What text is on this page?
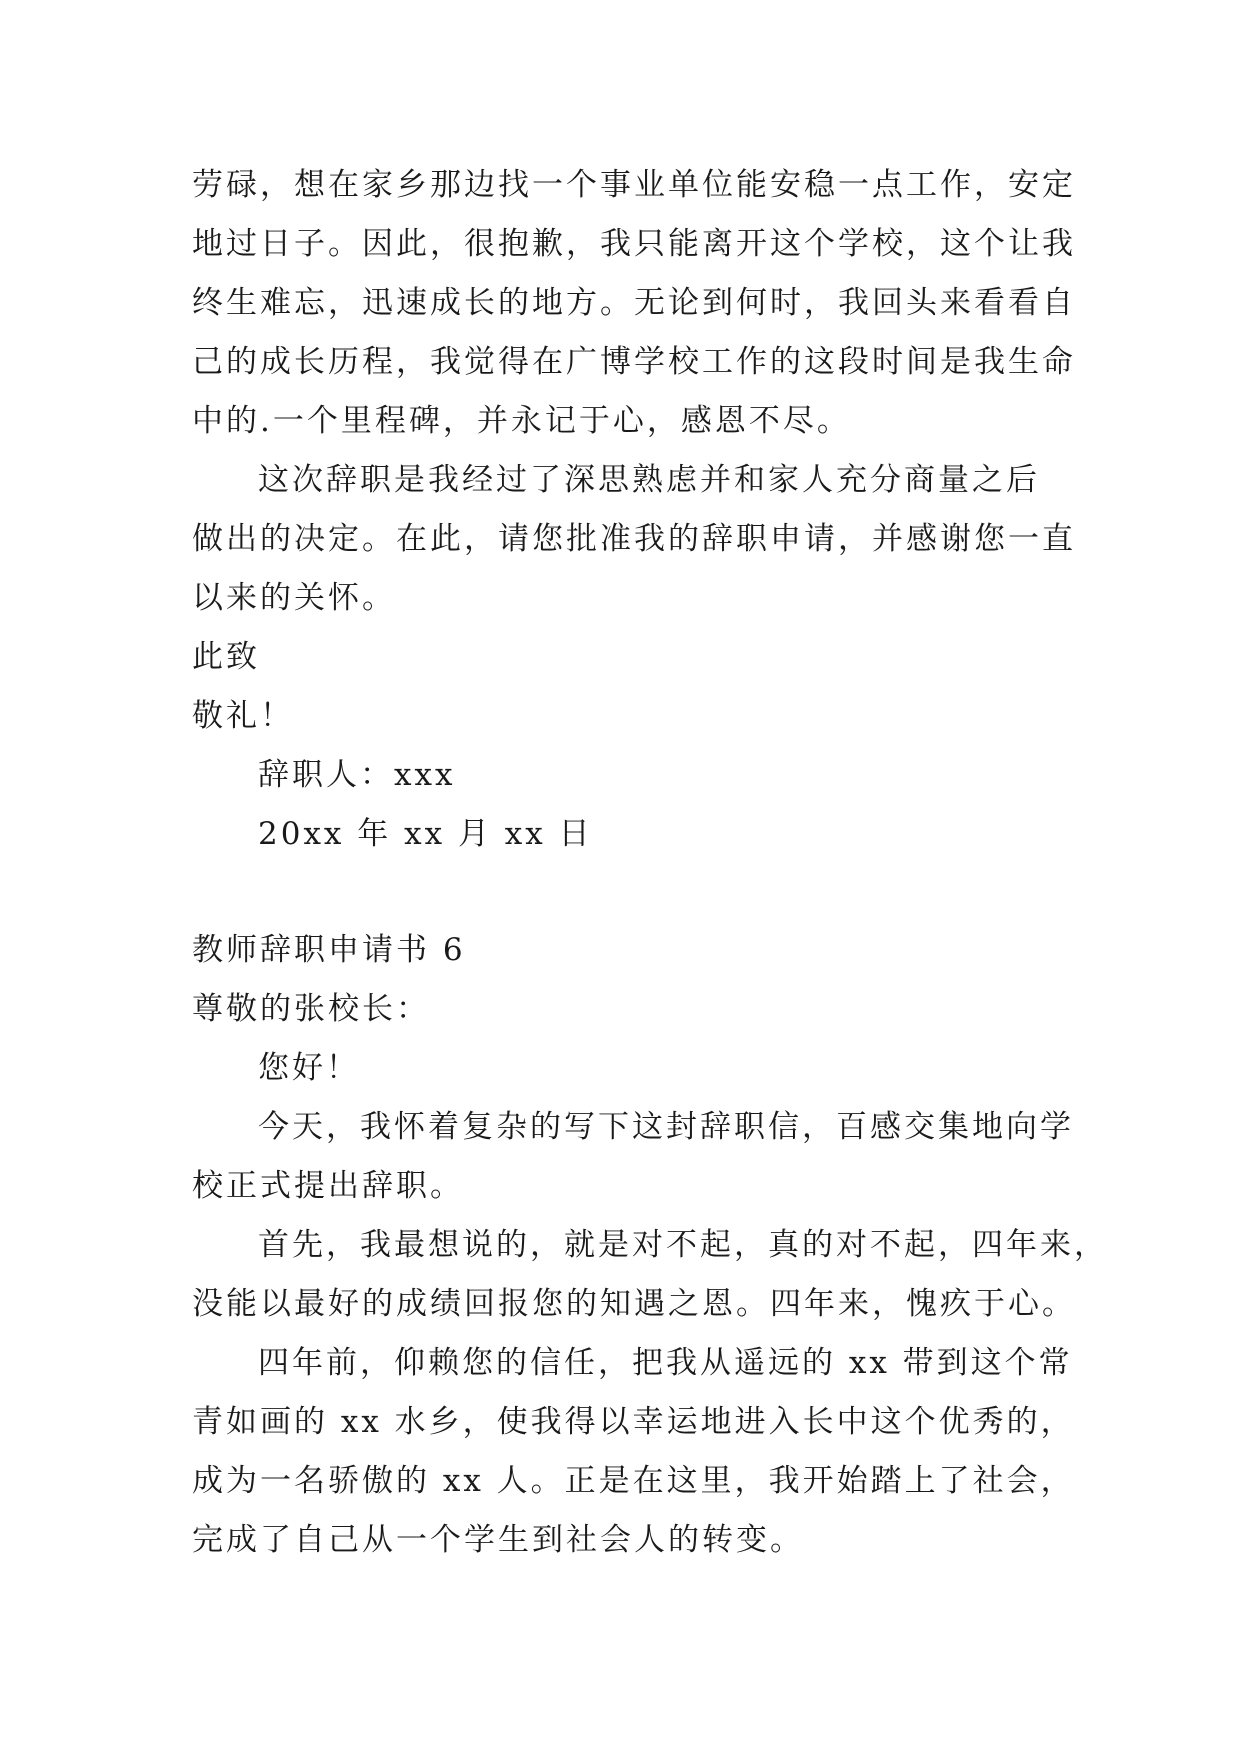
劳碌，想在家乡那边找一个事业单位能安稳一点工作，安定
地过日子。因此，很抱歉，我只能离开这个学校，这个让我
终生难忘，迅速成长的地方。无论到何时，我回头来看看自
己的成长历程，我觉得在广博学校工作的这段时间是我生命
中的.一个里程碑，并永记于心，感恩不尽。
这次辞职是我经过了深思熟虑并和家人充分商量之后
做出的决定。在此，请您批准我的辞职申请，并感谢您一直
以来的关怀。
此致
敬礼！
辞职人：xxx
20xx 年 xx 月 xx 日
教师辞职申请书 6
尊敬的张校长：
您好！
今天，我怀着复杂的写下这封辞职信，百感交集地向学
校正式提出辞职。
首先，我最想说的，就是对不起，真的对不起，四年来，
没能以最好的成绩回报您的知遇之恩。四年来，愧疚于心。
四年前，仰赖您的信任，把我从遥远的 xx 带到这个常
青如画的 xx 水乡，使我得以幸运地进入长中这个优秀的，
成为一名骄傲的 xx 人。正是在这里，我开始踏上了社会，
完成了自己从一个学生到社会人的转变。
